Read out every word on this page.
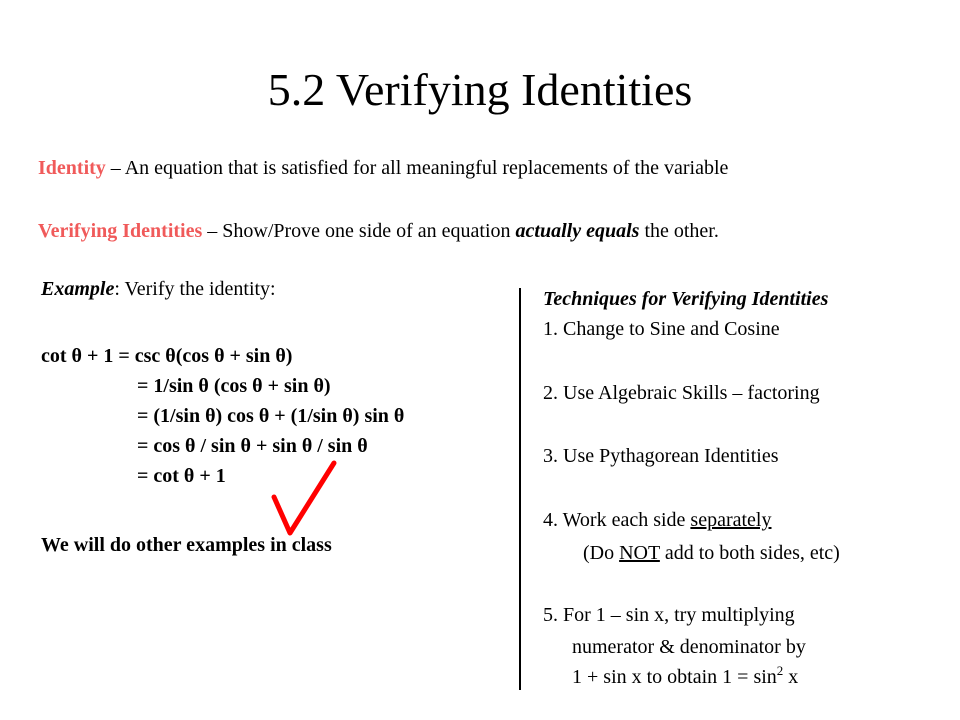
5.2 Verifying Identities
Identity – An equation that is satisfied for all meaningful replacements of the variable
Verifying Identities – Show/Prove one side of an equation actually equals the other.
Example: Verify the identity:
cot θ + 1 = csc θ(cos θ + sin θ)
= 1/sin θ (cos θ + sin θ)
= (1/sin θ) cos θ + (1/sin θ) sin θ
= cos θ / sin θ + sin θ / sin θ
= cot θ + 1
We will do other examples in class
Techniques for Verifying Identities
1. Change to Sine and Cosine
2. Use Algebraic Skills – factoring
3. Use Pythagorean Identities
4. Work each side separately
(Do NOT add to both sides, etc)
5. For 1 – sin x, try multiplying
numerator & denominator by
1 + sin x to obtain $1 = \sin^2 x$
